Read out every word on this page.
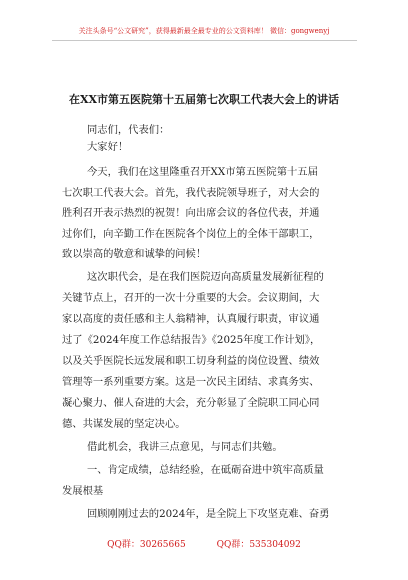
关注头条号“公文研究”，获得最新最全最专业的公文资料库！ 微信：gongwenyj
在XX市第五医院第十五届第七次职工代表大会上的讲话
同志们，代表们：
大家好！
今天，我们在这里隆重召开XX市第五医院第十五届
七次职工代表大会。首先，我代表院领导班子，对大会的
胜利召开表示热烈的祝贺！向出席会议的各位代表，并通
过你们，向辛勤工作在医院各个岗位上的全体干部职工，
致以崇高的敬意和诚挚的问候！
这次职代会，是在我们医院迈向高质量发展新征程的
关键节点上，召开的一次十分重要的大会。会议期间，大
家以高度的责任感和主人翁精神，认真履行职责，审议通
过了《2024年度工作总结报告》《2025年度工作计划》，
以及关乎医院长远发展和职工切身利益的岗位设置、绩效
管理等一系列重要方案。这是一次民主团结、求真务实、
凝心聚力、催人奋进的大会，充分彰显了全院职工同心同
德、共谋发展的坚定决心。
借此机会，我讲三点意见，与同志们共勉。
一、肯定成绩，总结经验，在砥砺奋进中筑牢高质量
发展根基
回顾刚刚过去的2024年，是全院上下攻坚克难、奋勇
QQ群：30265665	QQ群：535304092
